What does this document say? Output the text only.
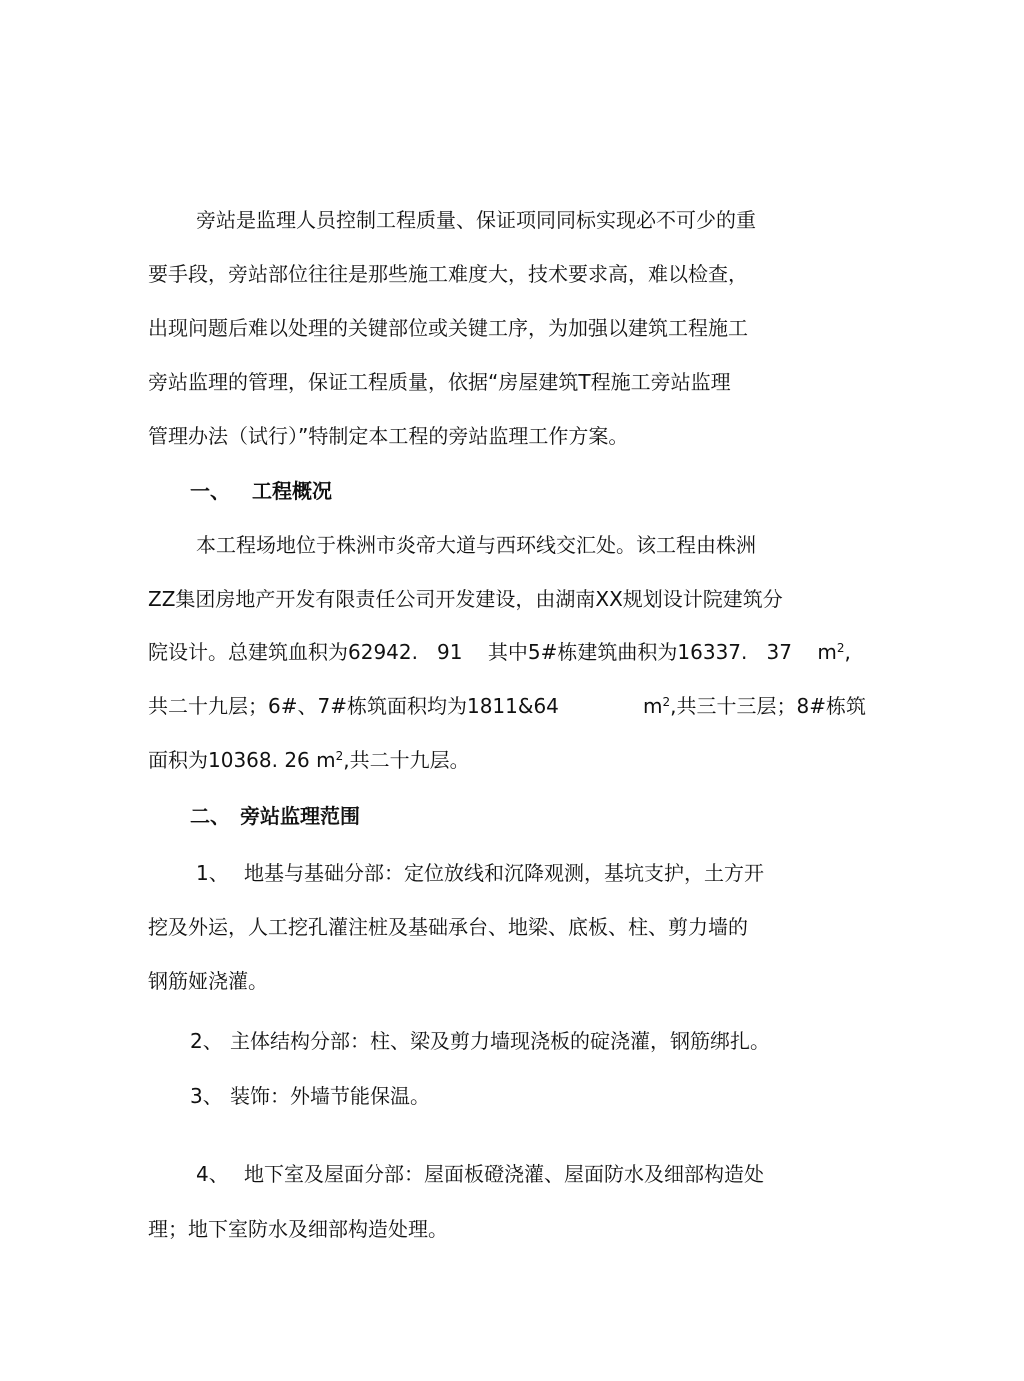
旁站是监理人员控制工程质量、保证项同同标实现必不可少的重

要手段，旁站部位往往是那些施工难度大，技术要求高，难以检查，

出现问题后难以处理的关键部位或关键工序，为加强以建筑工程施工

旁站监理的管理，保证工程质量，依据“房屋建筑T程施工旁站监理

管理办法（试行）”特制定本工程的旁站监理工作方案。

一、 工程概况

本工程场地位于株洲市炎帝大道与西环线交汇处。该工程由株洲

ZZ集团房地产开发有限责任公司开发建设，由湖南XX规划设计院建筑分

院设计。总建筑血积为62942.   91    其中5#栋建筑曲积为16337.   37    $m^2$,

共二十九层；6#、7#栋筑面积均为1811&64	$m^2$,共三十三层；8#栋筑

面积为10368. 26 $m^2$,共二十九层。

二、 旁站监理范围
1、 地基与基础分部：定位放线和沉降观测，基坑支护，土方开

挖及外运，人工挖孔灌注桩及基础承台、地梁、底板、柱、剪力墙的

钢筋娅浇灌。

2、 主体结构分部：柱、梁及剪力墙现浇板的碇浇灌，钢筋绑扎。

3、 装饰：外墙节能保温。

4、 地下室及屋面分部：屋面板磴浇灌、屋面防水及细部构造处

理；地下室防水及细部构造处理。
